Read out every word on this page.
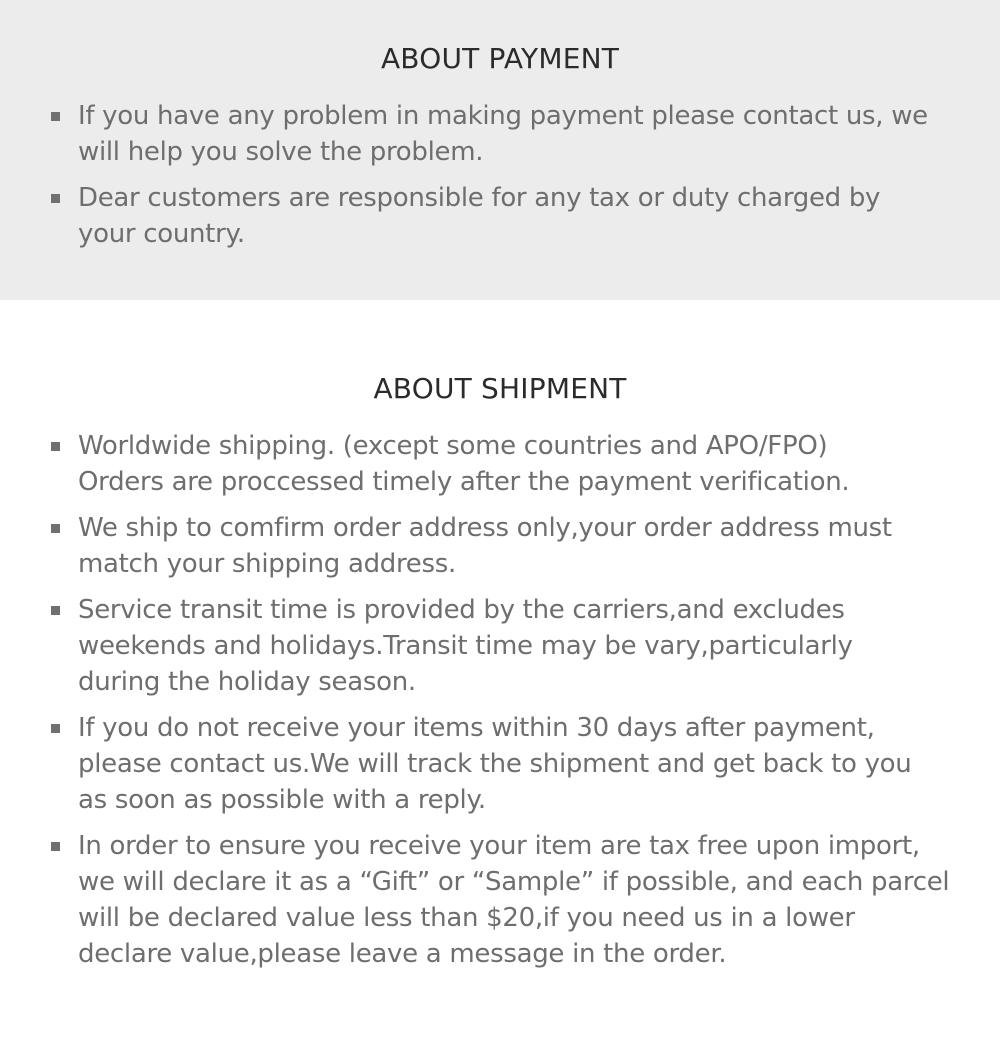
ABOUT PAYMENT
If you have any problem in making payment please contact us, we
will help you solve the problem.
Dear customers are responsible for any tax or duty charged by
your country.
ABOUT SHIPMENT
Worldwide shipping. (except some countries and APO/FPO)
Orders are proccessed timely after the payment verification.
We ship to comfirm order address only,your order address must
match your shipping address.
Service transit time is provided by the carriers,and excludes
weekends and holidays.Transit time may be vary,particularly
during the holiday season.
If you do not receive your items within 30 days after payment,
please contact us.We will track the shipment and get back to you
as soon as possible with a reply.
In order to ensure you receive your item are tax free upon import,
we will declare it as a “Gift” or “Sample” if possible, and each parcel
will be declared value less than $20,if you need us in a lower
declare value,please leave a message in the order.
